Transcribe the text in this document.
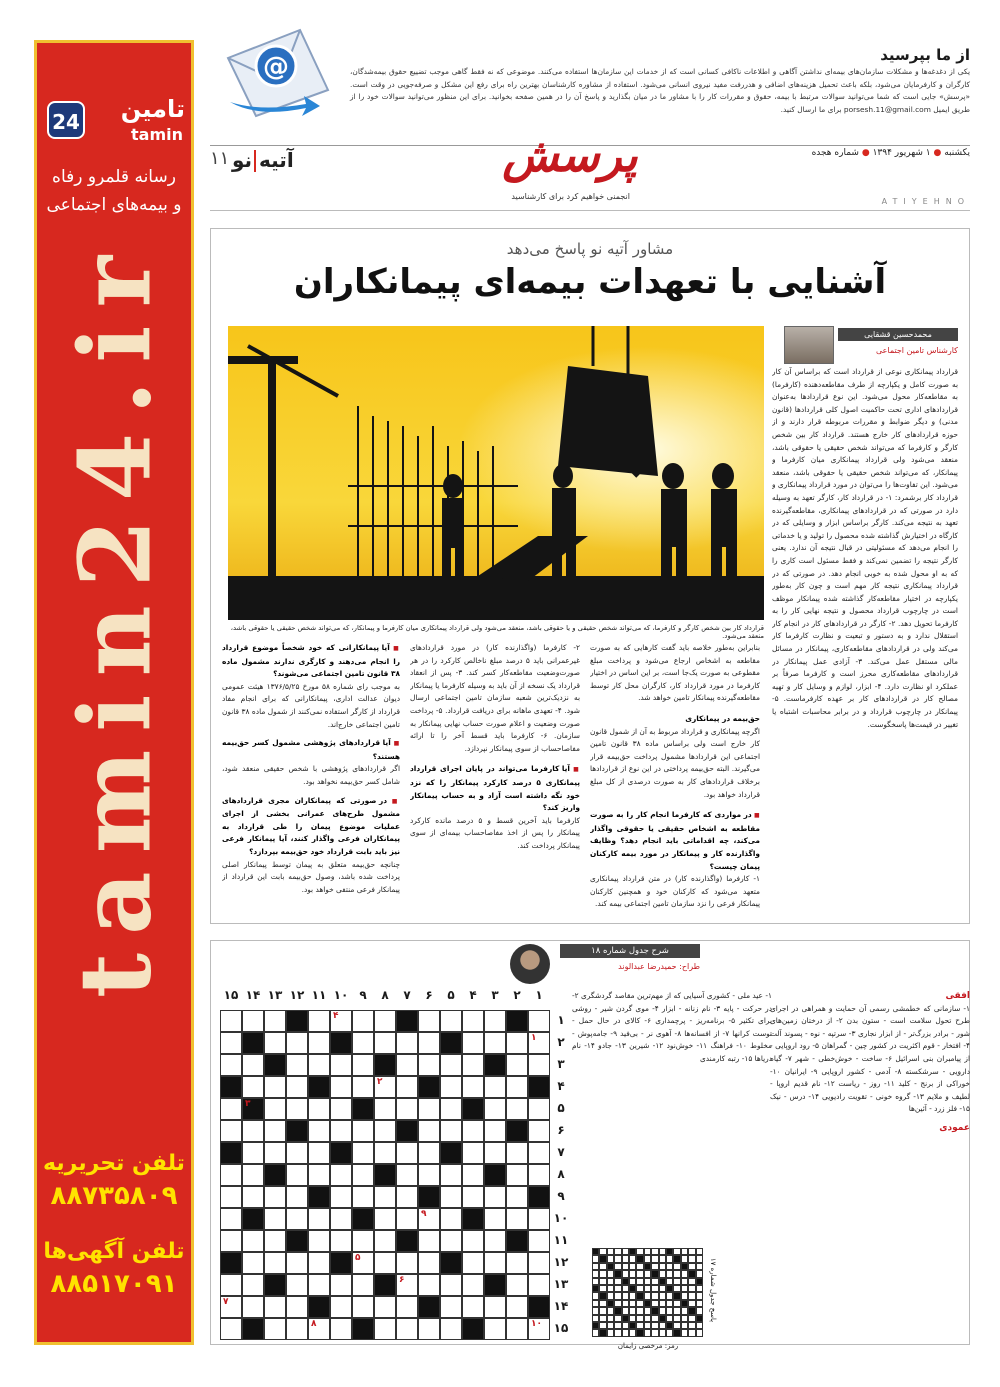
24 تامین
tamin
رسانه قلمرو رفاه
و بیمه‌های اجتماعی
tamin24.ir
تلفن تحریریه
۸۸۷۳۵۸۰۹
تلفن آگهی‌ها
۸۸۵۱۷۰۹۱
@	از ما بپرسید
یکی از دغدغه‌ها و مشکلات سازمان‌های بیمه‌ای نداشتن آگاهی و اطلاعات ناکافی کسانی است که از خدمات این سازمان‌ها استفاده می‌کنند. موضوعی که نه فقط گاهی موجب تضییع حقوق بیمه‌شدگان، کارگران و کارفرمایان می‌شود، بلکه باعث تحمیل هزینه‌های اضافی و هدررفت مفید نیروی انسانی می‌شود. استفاده از مشاوره کارشناسان بهترین راه برای رفع این مشکل و صرفه‌جویی در وقت است. «پرسش» جایی است که شما می‌توانید سوالات مرتبط با بیمه، حقوق و مقررات کار را با مشاور ما در میان بگذارید و پاسخ آن را در همین صفحه بخوانید. برای این منظور می‌توانید سوالات خود را از طریق ایمیل porsesh.11@gmail.com برای ما ارسال کنید.
یکشنبه ● ۱ شهریور ۱۳۹۴ ● شماره هجده
پرسش
انجمنی خواهیم کرد برای کارشناسید
۱۱ آتیه نو
ATIYEHNO
مشاور آتیه نو پاسخ می‌دهد
آشنایی با تعهدات بیمه‌ای پیمانکاران
قرارداد کار بین شخص کارگر و کارفرما، که می‌تواند شخص حقیقی و یا حقوقی باشد، منعقد می‌شود ولی قرارداد پیمانکاری میان کارفرما و پیمانکار، که می‌تواند شخص حقیقی یا حقوقی باشد، منعقد می‌شود.
محمدحسین قشقایی
کارشناس تامین اجتماعی
قرارداد پیمانکاری نوعی از قرارداد است که براساس آن کار به صورت کامل و یکپارچه از طرف مقاطعه‌دهنده (کارفرما) به مقاطعه‌کار محول می‌شود. این نوع قراردادها به‌عنوان قراردادهای اداری تحت حاکمیت اصول کلی قراردادها (قانون مدنی) و دیگر ضوابط و مقررات مربوطه قرار دارند و از حوزه قراردادهای کار خارج هستند. قرارداد کار بین شخص کارگر و کارفرما که می‌تواند شخص حقیقی یا حقوقی باشد، منعقد می‌شود ولی قرارداد پیمانکاری میان کارفرما و پیمانکار، که می‌تواند شخص حقیقی یا حقوقی باشد، منعقد می‌شود. این تفاوت‌ها را می‌توان در مورد قرارداد پیمانکاری و قرارداد کار برشمرد: ۱- در قرارداد کار، کارگر تعهد به وسیله دارد در صورتی که در قراردادهای پیمانکاری، مقاطعه‌گیرنده تعهد به نتیجه می‌کند. کارگر براساس ابزار و وسایلی که در کارگاه در اختیارش گذاشته شده محصول را تولید و یا خدماتی را انجام می‌دهد که مسئولیتی در قبال نتیجه آن ندارد. یعنی کارگر نتیجه را تضمین نمی‌کند و فقط مسئول است کاری را که به او محول شده به خوبی انجام دهد. در صورتی که در قرارداد پیمانکاری نتیجه کار مهم است و چون کار به‌طور یکپارچه در اختیار مقاطعه‌کار گذاشته شده پیمانکار موظف است در چارچوب قرارداد محصول و نتیجه نهایی کار را به کارفرما تحویل دهد. ۲- کارگر در قراردادهای کار در انجام کار استقلال ندارد و به دستور و تبعیت و نظارت کارفرما کار می‌کند ولی در قراردادهای مقاطعه‌کاری، پیمانکار در مسائل مالی مستقل عمل می‌کند. ۳- آزادی عمل پیمانکار در قراردادهای مقاطعه‌کاری محرز است و کارفرما صرفاً بر عملکرد او نظارت دارد. ۴- ابزار، لوازم و وسایل کار و تهیه مصالح کار در قراردادهای کار بر عهده کارفرماست. ۵- پیمانکار در چارچوب قرارداد و در برابر محاسبات اشتباه یا تغییر در قیمت‌ها پاسخگوست.
بنابراین به‌طور خلاصه باید گفت کارهایی که به صورت مقاطعه به اشخاص ارجاع می‌شود و پرداخت مبلغ مقطوعی به صورت یک‌جا است، بر این اساس در اختیار کارفرما در مورد قرارداد کار، کارگران محل کار توسط مقاطعه‌گیرنده پیمانکار تامین خواهد شد.
حق‌بیمه در پیمانکاری
اگرچه پیمانکاری و قرارداد مربوط به آن از شمول قانون کار خارج است ولی براساس ماده ۳۸ قانون تامین اجتماعی این قراردادها مشمول پرداخت حق‌بیمه قرار می‌گیرند. البته حق‌بیمه پرداختی در این نوع از قراردادها برخلاف قراردادهای کار به صورت درصدی از کل مبلغ قرارداد خواهد بود.
■ در مواردی که کارفرما انجام کار را به صورت مقاطعه به اشخاص حقیقی یا حقوقی واگذار می‌کند، چه اقداماتی باید انجام دهد؟ وظایف واگذارنده کار و پیمانکار در مورد بیمه کارکنان پیمان چیست؟
۱- کارفرما (واگذارنده کار) در متن قرارداد پیمانکاری متعهد می‌شود که کارکنان خود و همچنین کارکنان پیمانکار فرعی را نزد سازمان تامین اجتماعی بیمه کند.
۲- کارفرما (واگذارنده کار) در مورد قراردادهای غیرعمرانی باید ۵ درصد مبلغ ناخالص کارکرد را در هر صورت‌وضعیت مقاطعه‌کار کسر کند. ۳- پس از انعقاد قرارداد یک نسخه از آن باید به وسیله کارفرما یا پیمانکار به نزدیک‌ترین شعبه سازمان تامین اجتماعی ارسال شود. ۴- تعهدی ماهانه برای دریافت قرارداد. ۵- پرداخت صورت وضعیت و اعلام صورت حساب نهایی پیمانکار به سازمان. ۶- کارفرما باید قسط آخر را تا ارائه مفاصاحساب از سوی پیمانکار نپردازد.
■ آیا کارفرما می‌تواند در پایان اجرای قرارداد پیمانکاری ۵ درصد کارکرد پیمانکار را که نزد خود نگه داشته است آزاد و به حساب پیمانکار واریز کند؟
کارفرما باید آخرین قسط و ۵ درصد مانده کارکرد پیمانکار را پس از اخذ مفاصاحساب بیمه‌ای از سوی پیمانکار پرداخت کند.
■ آیا پیمانکارانی که خود شخصاً موضوع قرارداد را انجام می‌دهند و کارگری ندارند مشمول ماده ۳۸ قانون تامین اجتماعی می‌شوند؟
به موجب رای شماره ۵۸ مورخ ۱۳۷۶/۵/۲۵ هیئت عمومی دیوان عدالت اداری، پیمانکارانی که برای انجام مفاد قرارداد از کارگر استفاده نمی‌کنند از شمول ماده ۳۸ قانون تامین اجتماعی خارج‌اند.
■ آیا قراردادهای پژوهشی مشمول کسر حق‌بیمه هستند؟
اگر قراردادهای پژوهشی با شخص حقیقی منعقد شود، شامل کسر حق‌بیمه نخواهد بود.
■ در صورتی که پیمانکاران مجری قراردادهای مشمول طرح‌های عمرانی بخشی از اجرای عملیات موضوع پیمان را طی قرارداد به پیمانکاران فرعی واگذار کنند، آیا پیمانکار فرعی نیز باید بابت قرارداد خود حق‌بیمه بپردازد؟
چنانچه حق‌بیمه متعلق به پیمان توسط پیمانکار اصلی پرداخت شده باشد، وصول حق‌بیمه بابت این قرارداد از پیمانکار فرعی منتفی خواهد بود.
شرح جدول شماره ۱۸
طراح: حمیدرضا عبدالوند
۱
۲
۳
۴
۵
۶
۷
۸
۹
۱۰
۱۱
۱۲
۱۳
۱۴
۱۵
۱
۲
۳
۴
۵
۶
۷
۸
۹
۱۰
۱۱
۱۲
۱۳
۱۴
۱۵
۱
۲
۳
۴
۵
۶
۷
۸
۹
۱۰
افقی
۱- سازمانی که خطمشی رسمی آن حمایت و همراهی در اجرای طرح تحول سلامت است - ستون بدن ۲- از درختان زمین‌های شور - برادر بزرگ‌تر - از ابزار نجاری ۳- سرتپه - نوه - پسوند آلت ۴- افتخار - قوم اکثریت در کشور چین - گمراهان ۵- رود اروپایی - از پیامبران بنی اسرائیل ۶- ساخت - خوش‌خطی - شهر ۷- گیاه دارویی - سرشکسته ۸- آدمی - کشور اروپایی ۹- ایرانیان ۱۰- خوراکی از برنج - کلید ۱۱- روز - ریاست ۱۲- نام قدیم اروپا - لطیف و ملایم ۱۳- گروه خونی - تقویت رادیویی ۱۴- درس - نیک ۱۵- فلز زرد - آئین‌ها
عمودی
۱- عید ملی - کشوری آسیایی که از مهم‌ترین مقاصد گردشگری ۲- در حرکت - پایه ۳- نام زنانه - ابزار ۴- موی گردن شیر - روشی برای تکثیر ۵- برنامه‌ریز - پرچمداری ۶- کالای در حال حمل - توست کرانها ۷- از افسانه‌ها ۸- آهوی نر - بی‌فید ۹- جامه‌پوش - مخلوط ۱۰- فراهنگ ۱۱- خوش‌نود ۱۲- شیرین ۱۳- جادو ۱۴- نام دریاها ۱۵- رتبه کارمندی
پاسخ جدول شماره ۱۷
رمز: مرخصی زایمان
